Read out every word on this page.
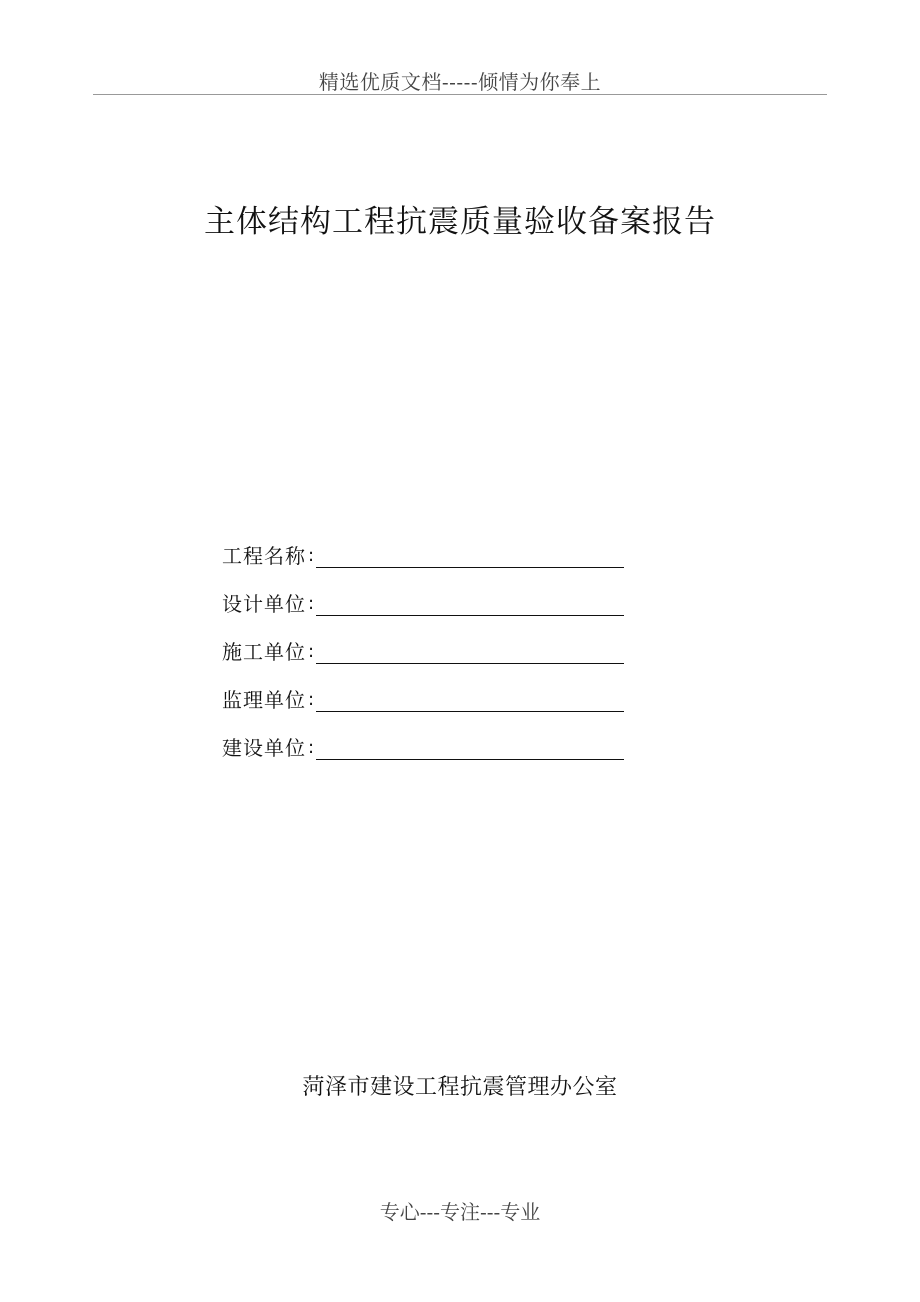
精选优质文档-----倾情为你奉上
主体结构工程抗震质量验收备案报告
工程名称 :
设计单位 :
施工单位 :
监理单位 :
建设单位 :
菏泽市建设工程抗震管理办公室
专心---专注---专业
